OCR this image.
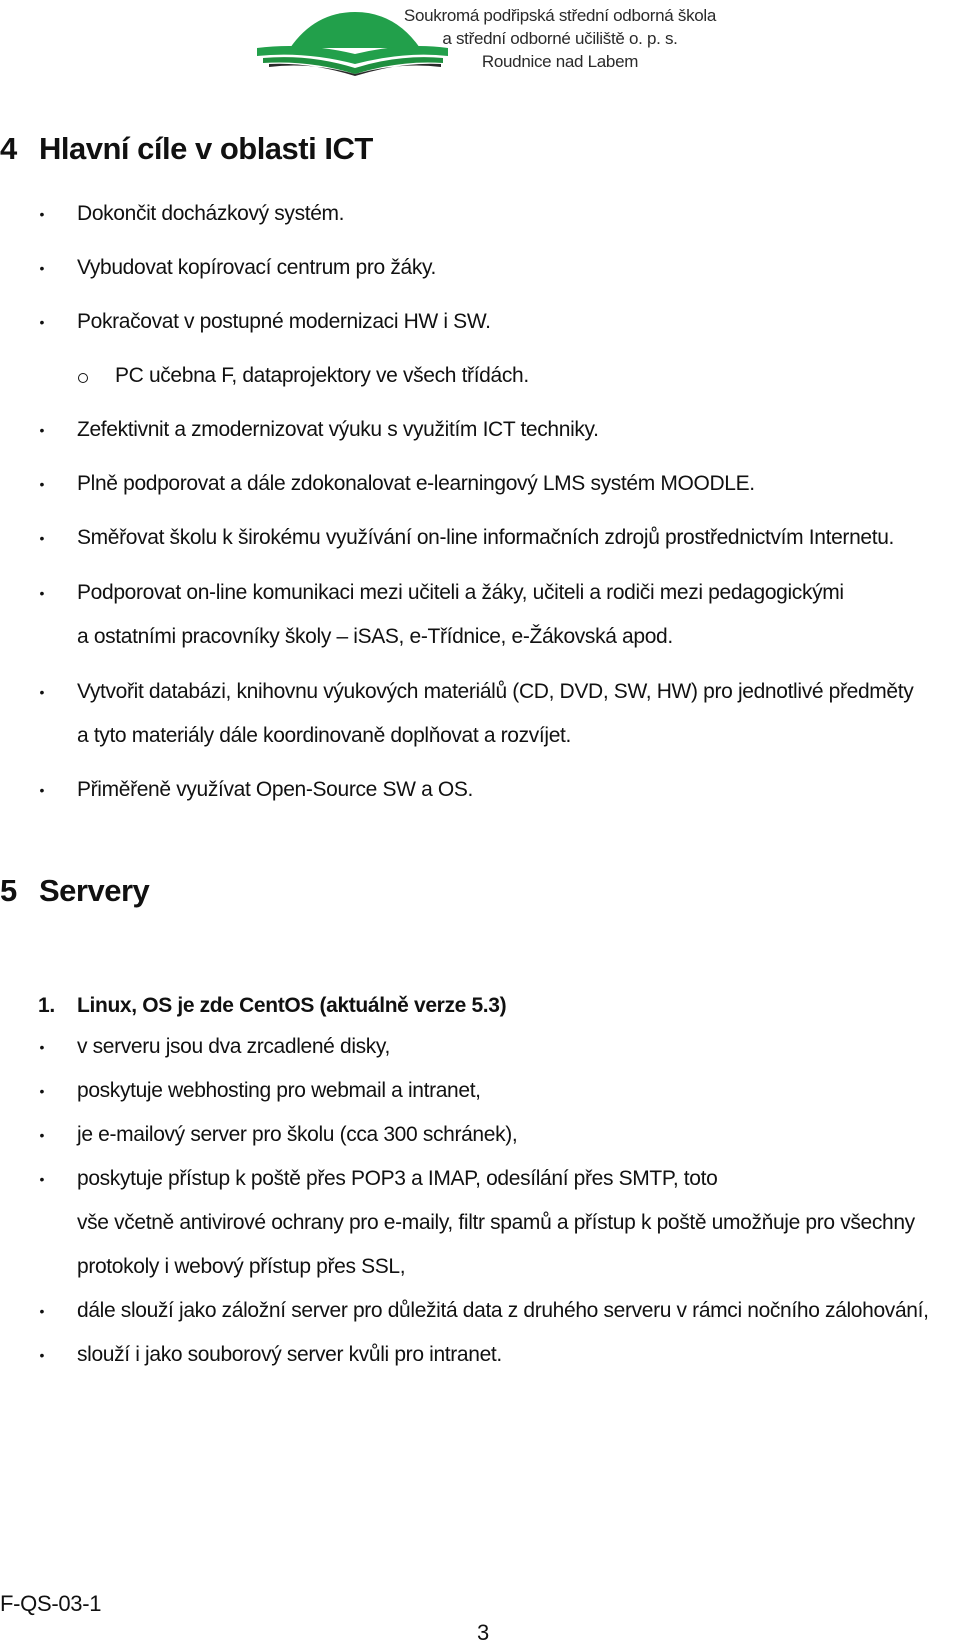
Soukromá podřipská střední odborná škola
a střední odborné učiliště o. p. s.
Roudnice nad Labem
4 Hlavní cíle v oblasti ICT
• Dokončit docházkový systém.
• Vybudovat kopírovací centrum pro žáky.
• Pokračovat v postupné modernizaci HW i SW.
PC učebna F, dataprojektory ve všech třídách.
• Zefektivnit a zmodernizovat výuku s využitím ICT techniky.
• Plně podporovat a dále zdokonalovat e-learningový LMS systém MOODLE.
• Směřovat školu k širokému využívání on-line informačních zdrojů prostřednictvím Internetu.
• Podporovat on-line komunikaci mezi učiteli a žáky, učiteli a rodiči mezi pedagogickými
a ostatními pracovníky školy – iSAS, e-Třídnice, e-Žákovská apod.
• Vytvořit databázi, knihovnu výukových materiálů (CD, DVD, SW, HW) pro jednotlivé předměty
a tyto materiály dále koordinovaně doplňovat a rozvíjet.
• Přiměřeně využívat Open-Source SW a OS.
5 Servery
1. Linux, OS je zde CentOS (aktuálně verze 5.3)
• v serveru jsou dva zrcadlené disky,
• poskytuje webhosting pro webmail a intranet,
• je e-mailový server pro školu (cca 300 schránek),
• poskytuje přístup k poště přes POP3 a IMAP, odesílání přes SMTP, toto
vše včetně antivirové ochrany pro e-maily, filtr spamů a přístup k poště umožňuje pro všechny
protokoly i webový přístup přes SSL,
• dále slouží jako záložní server pro důležitá data z druhého serveru v rámci nočního zálohování,
• slouží i jako souborový server kvůli pro intranet.
F-QS-03-1
3
